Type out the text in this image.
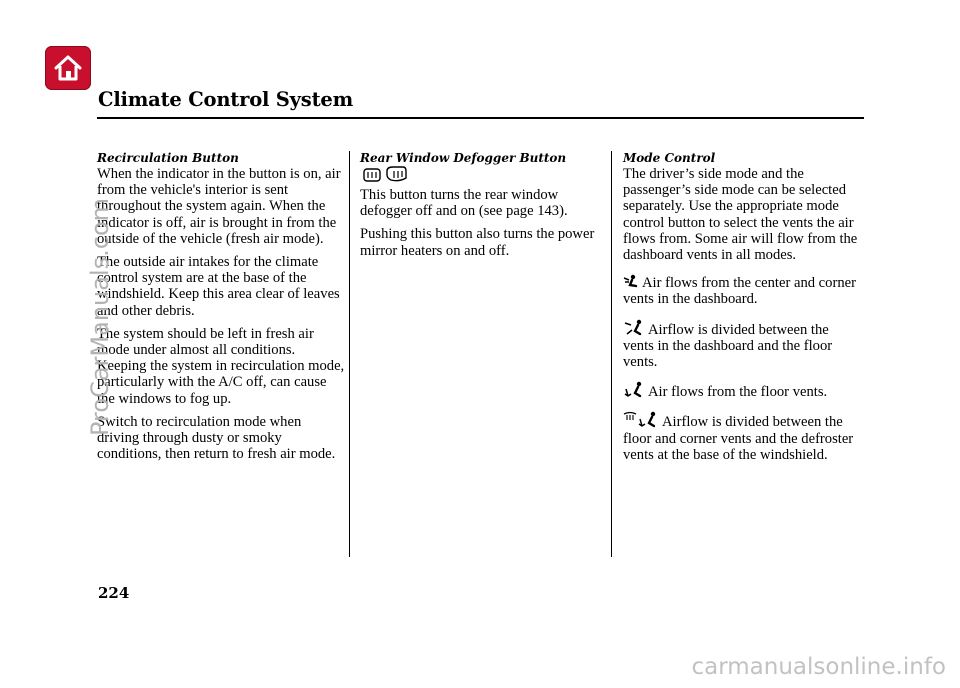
Climate Control System
Recirculation Button

When the indicator in the button is on, air from the vehicle's interior is sent throughout the system again. When the indicator is off, air is brought in from the outside of the vehicle (fresh air mode).

The outside air intakes for the climate control system are at the base of the windshield. Keep this area clear of leaves and other debris.

The system should be left in fresh air mode under almost all conditions. Keeping the system in recirculation mode, particularly with the A/C off, can cause the windows to fog up.

Switch to recirculation mode when driving through dusty or smoky conditions, then return to fresh air mode.

Rear Window Defogger Button

This button turns the rear window defogger off and on (see page 143).

Pushing this button also turns the power mirror heaters on and off.

Mode Control

The driver’s side mode and the passenger’s side mode can be selected separately. Use the appropriate mode control button to select the vents the air flows from. Some air will flow from the dashboard vents in all modes.

Air flows from the center and corner vents in the dashboard.

Airflow is divided between the vents in the dashboard and the floor vents.

Air flows from the floor vents.

Airflow is divided between the floor and corner vents and the defroster vents at the base of the windshield.

224
ProCarManuals.com
carmanualsonline.info
